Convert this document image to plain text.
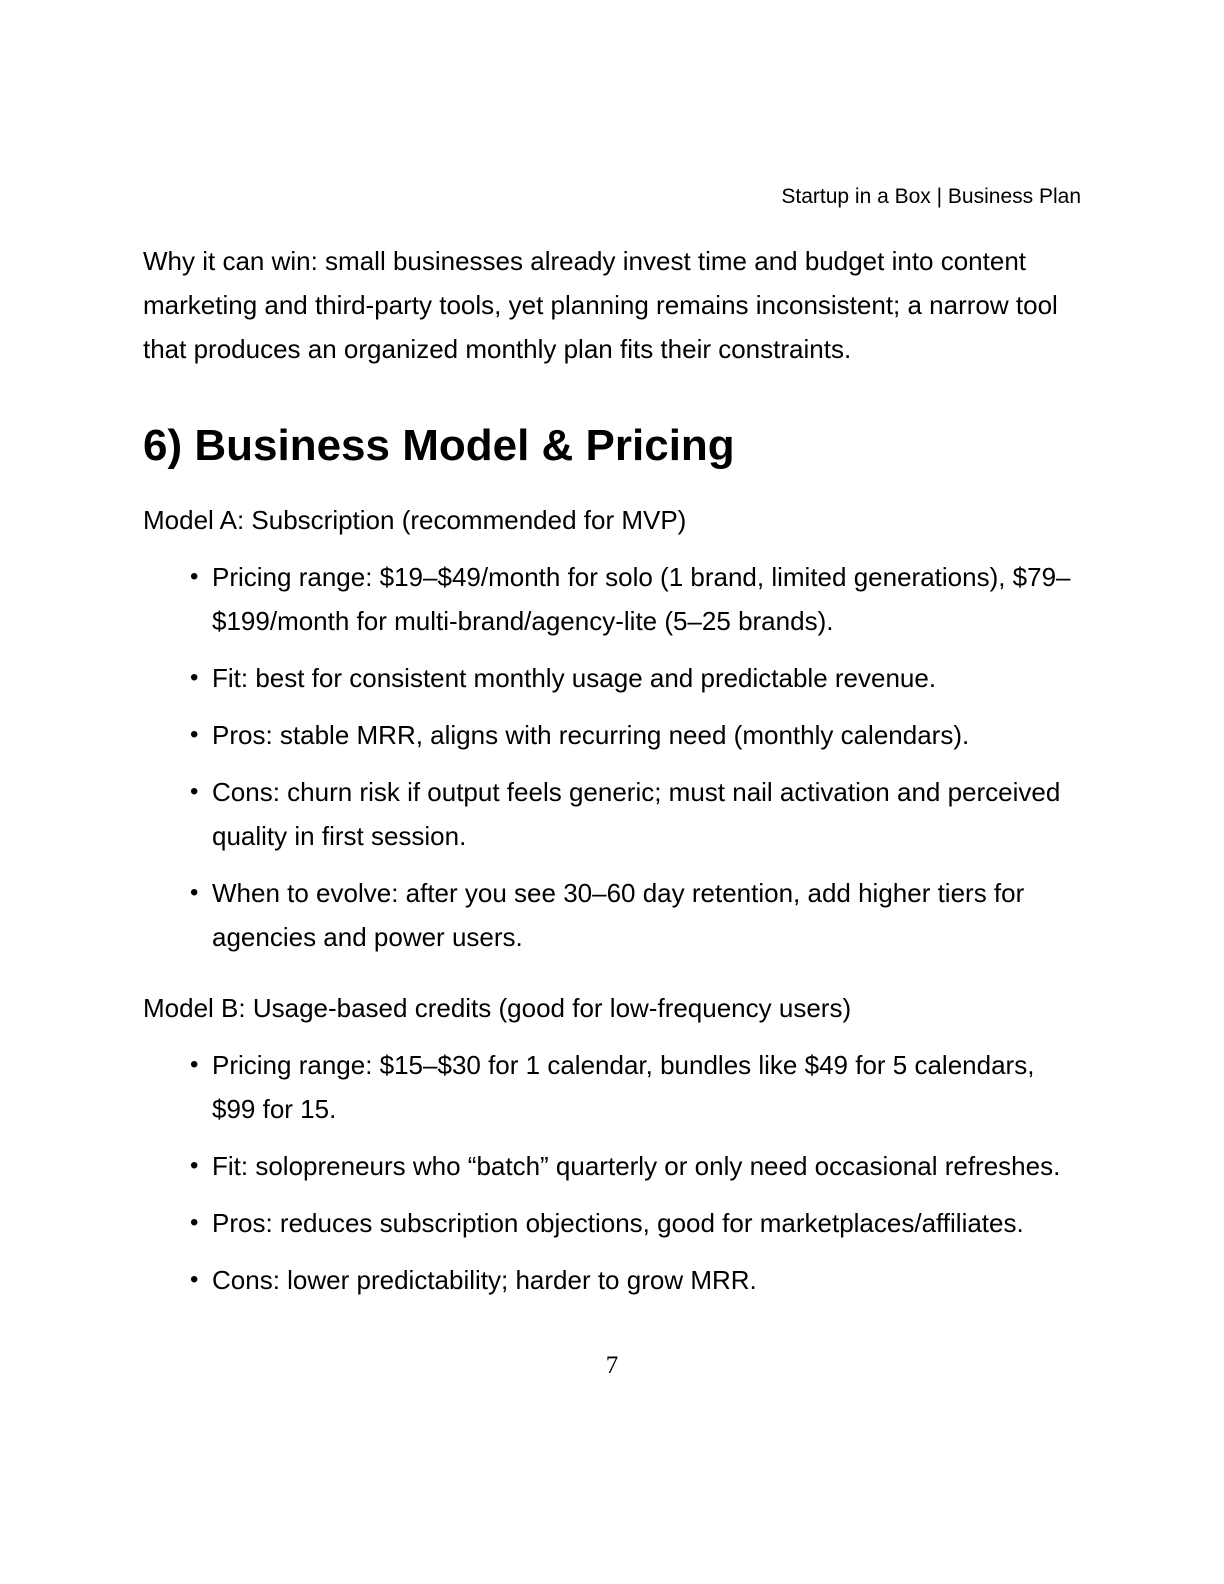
Startup in a Box | Business Plan

Why it can win: small businesses already invest time and budget into content marketing and third-party tools, yet planning remains inconsistent; a narrow tool that produces an organized monthly plan fits their constraints.

6) Business Model & Pricing
Model A: Subscription (recommended for MVP)
• Pricing range: $19–$49/month for solo (1 brand, limited generations), $79–$199/month for multi-brand/agency-lite (5–25 brands).
• Fit: best for consistent monthly usage and predictable revenue.
• Pros: stable MRR, aligns with recurring need (monthly calendars).
• Cons: churn risk if output feels generic; must nail activation and perceived quality in first session.
• When to evolve: after you see 30–60 day retention, add higher tiers for agencies and power users.
Model B: Usage-based credits (good for low-frequency users)
• Pricing range: $15–$30 for 1 calendar, bundles like $49 for 5 calendars, $99 for 15.
• Fit: solopreneurs who “batch” quarterly or only need occasional refreshes.
• Pros: reduces subscription objections, good for marketplaces/affiliates.
• Cons: lower predictability; harder to grow MRR.
7
